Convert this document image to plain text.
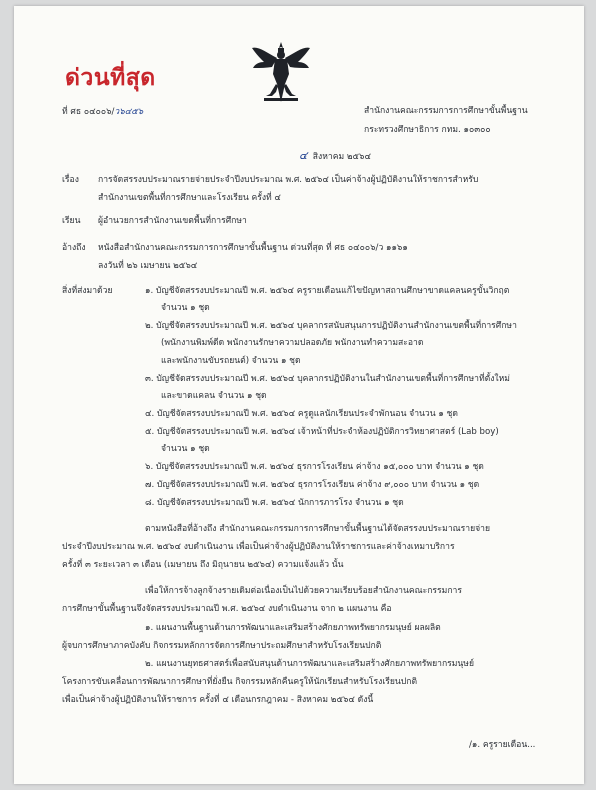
ด่วนที่สุด
ที่ ศธ ๐๔๐๐๖/ว๖๔๕๖	สำนักงานคณะกรรมการการศึกษาขั้นพื้นฐาน
กระทรวงศึกษาธิการ กทม. ๑๐๓๐๐
๔ สิงหาคม ๒๕๖๔
เรื่อง การจัดสรรงบประมาณรายจ่ายประจำปีงบประมาณ พ.ศ. ๒๕๖๔ เป็นค่าจ้างผู้ปฏิบัติงานให้ราชการสำหรับ
สำนักงานเขตพื้นที่การศึกษาและโรงเรียน ครั้งที่ ๔
เรียน ผู้อำนวยการสำนักงานเขตพื้นที่การศึกษา
อ้างถึง หนังสือสำนักงานคณะกรรมการการศึกษาขั้นพื้นฐาน ด่วนที่สุด ที่ ศธ ๐๔๐๐๖/ว ๑๑๖๑
ลงวันที่ ๒๖ เมษายน ๒๕๖๔
สิ่งที่ส่งมาด้วย	๑. บัญชีจัดสรรงบประมาณปี พ.ศ. ๒๕๖๔ ครูรายเดือนแก้ไขปัญหาสถานศึกษาขาดแคลนครูขั้นวิกฤต
จำนวน ๑ ชุด
๒. บัญชีจัดสรรงบประมาณปี พ.ศ. ๒๕๖๔ บุคลากรสนับสนุนการปฏิบัติงานสำนักงานเขตพื้นที่การศึกษา
(พนักงานพิมพ์ดีด พนักงานรักษาความปลอดภัย พนักงานทำความสะอาด
และพนักงานขับรถยนต์) จำนวน ๑ ชุด
๓. บัญชีจัดสรรงบประมาณปี พ.ศ. ๒๕๖๔ บุคลากรปฏิบัติงานในสำนักงานเขตพื้นที่การศึกษาที่ตั้งใหม่
และขาดแคลน จำนวน ๑ ชุด
๔. บัญชีจัดสรรงบประมาณปี พ.ศ. ๒๕๖๔ ครูดูแลนักเรียนประจำพักนอน จำนวน ๑ ชุด
๕. บัญชีจัดสรรงบประมาณปี พ.ศ. ๒๕๖๔ เจ้าหน้าที่ประจำห้องปฏิบัติการวิทยาศาสตร์ (Lab boy)
จำนวน ๑ ชุด
๖. บัญชีจัดสรรงบประมาณปี พ.ศ. ๒๕๖๔ ธุรการโรงเรียน ค่าจ้าง ๑๕,๐๐๐ บาท จำนวน ๑ ชุด
๗. บัญชีจัดสรรงบประมาณปี พ.ศ. ๒๕๖๔ ธุรการโรงเรียน ค่าจ้าง ๙,๐๐๐ บาท จำนวน ๑ ชุด
๘. บัญชีจัดสรรงบประมาณปี พ.ศ. ๒๕๖๔ นักการภารโรง จำนวน ๑ ชุด
ตามหนังสือที่อ้างถึง สำนักงานคณะกรรมการการศึกษาขั้นพื้นฐานได้จัดสรรงบประมาณรายจ่าย
ประจำปีงบประมาณ พ.ศ. ๒๕๖๔ งบดำเนินงาน เพื่อเป็นค่าจ้างผู้ปฏิบัติงานให้ราชการและค่าจ้างเหมาบริการ
ครั้งที่ ๓ ระยะเวลา ๓ เดือน (เมษายน ถึง มิถุนายน ๒๕๖๔) ความแจ้งแล้ว นั้น
เพื่อให้การจ้างลูกจ้างรายเดิมต่อเนื่องเป็นไปด้วยความเรียบร้อยสำนักงานคณะกรรมการ
การศึกษาขั้นพื้นฐานจึงจัดสรรงบประมาณปี พ.ศ. ๒๕๖๔ งบดำเนินงาน จาก ๒ แผนงาน คือ
๑. แผนงานพื้นฐานด้านการพัฒนาและเสริมสร้างศักยภาพทรัพยากรมนุษย์ ผลผลิต
ผู้จบการศึกษาภาคบังคับ กิจกรรมหลักการจัดการศึกษาประถมศึกษาสำหรับโรงเรียนปกติ
๒. แผนงานยุทธศาสตร์เพื่อสนับสนุนด้านการพัฒนาและเสริมสร้างศักยภาพทรัพยากรมนุษย์
โครงการขับเคลื่อนการพัฒนาการศึกษาที่ยั่งยืน กิจกรรมหลักคืนครูให้นักเรียนสำหรับโรงเรียนปกติ
เพื่อเป็นค่าจ้างผู้ปฏิบัติงานให้ราชการ ครั้งที่ ๔ เดือนกรกฎาคม - สิงหาคม ๒๕๖๔ ดังนี้
/๑. ครูรายเดือน...
